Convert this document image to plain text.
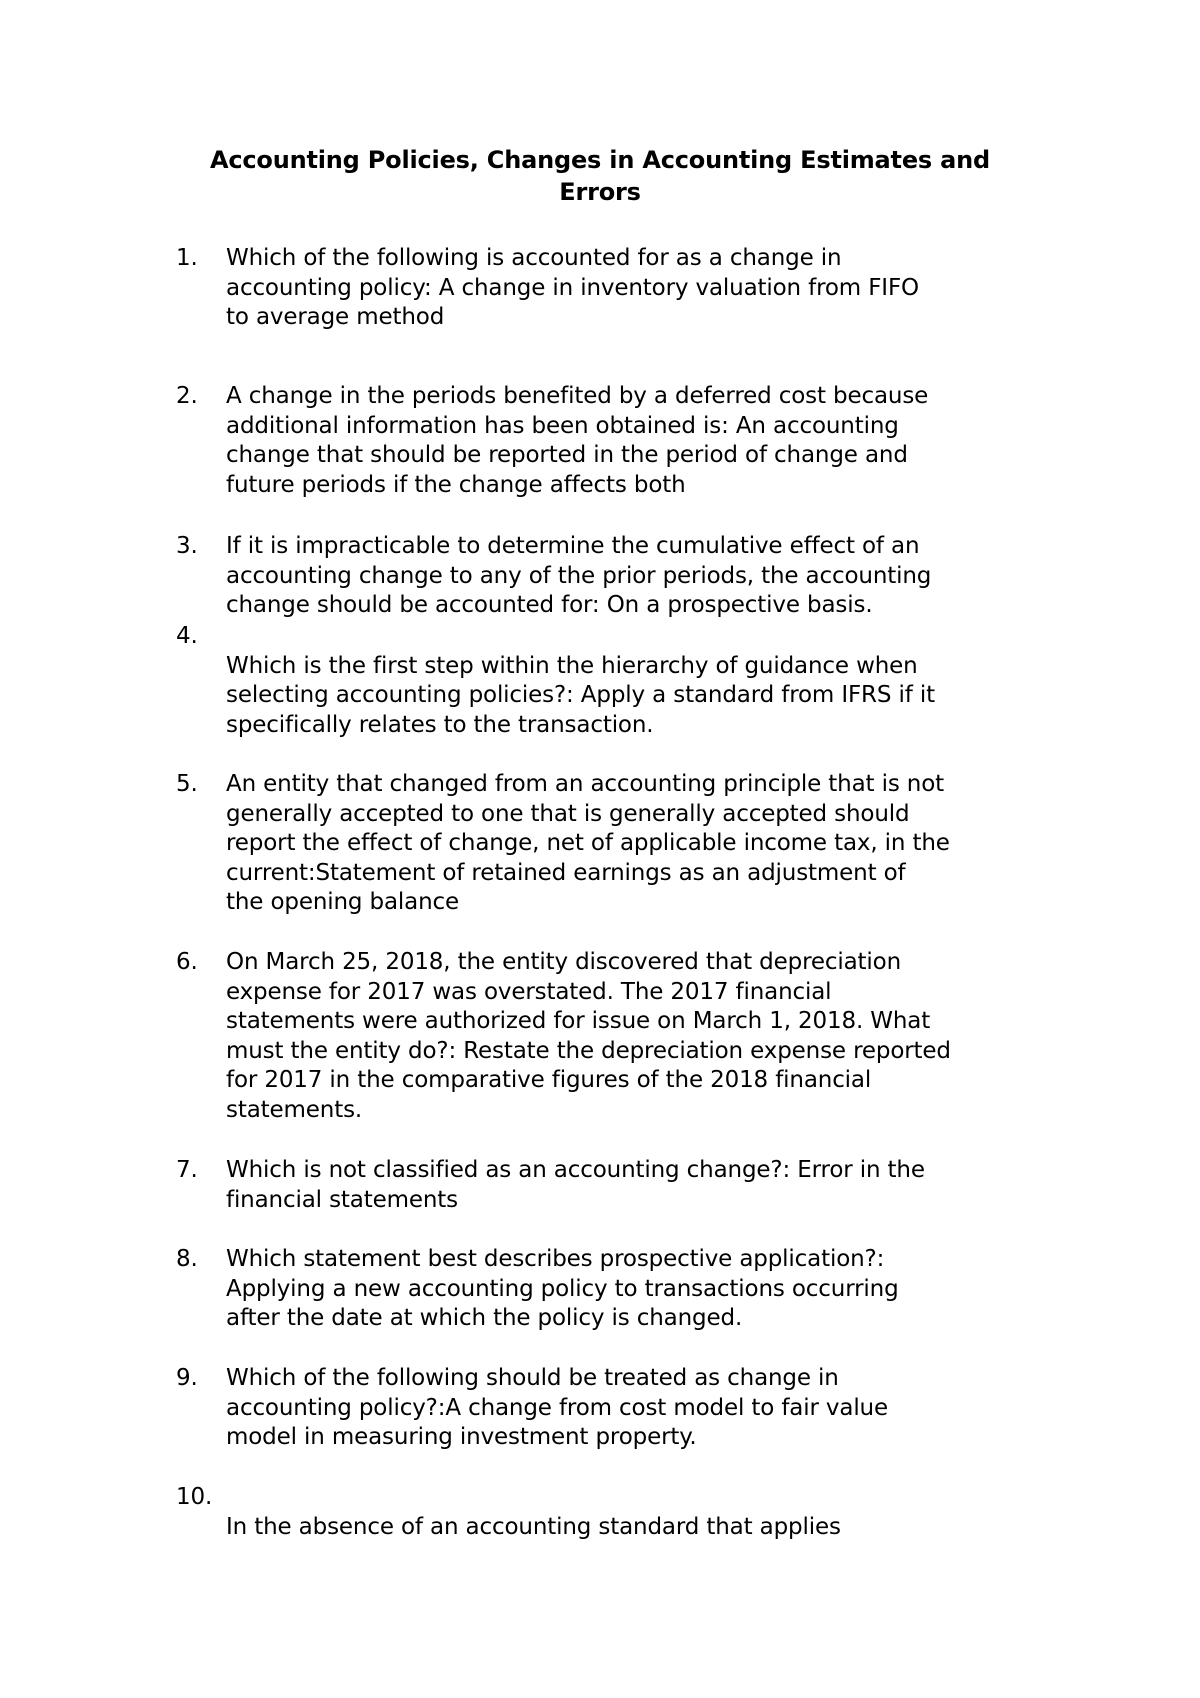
Accounting Policies, Changes in Accounting Estimates and
Errors
1.	Which of the following is accounted for as a change in
accounting policy: A change in inventory valuation from FIFO
to average method

2.	A change in the periods benefited by a deferred cost because
additional information has been obtained is: An accounting
change that should be reported in the period of change and
future periods if the change affects both

3.	If it is impracticable to determine the cumulative effect of an
accounting change to any of the prior periods, the accounting
change should be accounted for: On a prospective basis.

4.

Which is the first step within the hierarchy of guidance when
selecting accounting policies?: Apply a standard from IFRS if it
specifically relates to the transaction.

5.	An entity that changed from an accounting principle that is not
generally accepted to one that is generally accepted should
report the effect of change, net of applicable income tax, in the
current:Statement of retained earnings as an adjustment of
the opening balance

6.	On March 25, 2018, the entity discovered that depreciation
expense for 2017 was overstated. The 2017 financial
statements were authorized for issue on March 1, 2018. What
must the entity do?: Restate the depreciation expense reported
for 2017 in the comparative figures of the 2018 financial
statements.

7.	Which is not classified as an accounting change?: Error in the
financial statements

8.	Which statement best describes prospective application?:
Applying a new accounting policy to transactions occurring
after the date at which the policy is changed.

9.	Which of the following should be treated as change in
accounting policy?:A change from cost model to fair value
model in measuring investment property.

10.

In the absence of an accounting standard that applies
